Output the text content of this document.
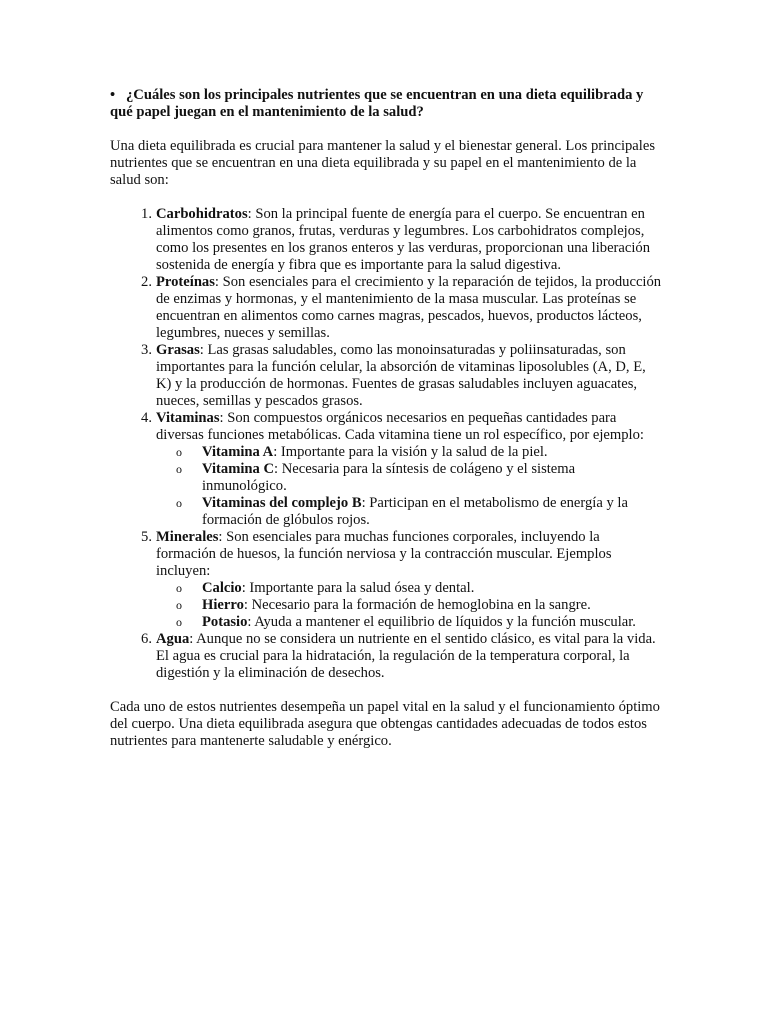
• ¿Cuáles son los principales nutrientes que se encuentran en una dieta equilibrada y qué papel juegan en el mantenimiento de la salud?

Una dieta equilibrada es crucial para mantener la salud y el bienestar general. Los principales nutrientes que se encuentran en una dieta equilibrada y su papel en el mantenimiento de la salud son:

1. Carbohidratos: Son la principal fuente de energía para el cuerpo. Se encuentran en alimentos como granos, frutas, verduras y legumbres. Los carbohidratos complejos, como los presentes en los granos enteros y las verduras, proporcionan una liberación sostenida de energía y fibra que es importante para la salud digestiva.
2. Proteínas: Son esenciales para el crecimiento y la reparación de tejidos, la producción de enzimas y hormonas, y el mantenimiento de la masa muscular. Las proteínas se encuentran en alimentos como carnes magras, pescados, huevos, productos lácteos, legumbres, nueces y semillas.
3. Grasas: Las grasas saludables, como las monoinsaturadas y poliinsaturadas, son importantes para la función celular, la absorción de vitaminas liposolubles (A, D, E, K) y la producción de hormonas. Fuentes de grasas saludables incluyen aguacates, nueces, semillas y pescados grasos.
4. Vitaminas: Son compuestos orgánicos necesarios en pequeñas cantidades para diversas funciones metabólicas. Cada vitamina tiene un rol específico, por ejemplo:
o Vitamina A: Importante para la visión y la salud de la piel.
o Vitamina C: Necesaria para la síntesis de colágeno y el sistema inmunológico.
o Vitaminas del complejo B: Participan en el metabolismo de energía y la formación de glóbulos rojos.
5. Minerales: Son esenciales para muchas funciones corporales, incluyendo la formación de huesos, la función nerviosa y la contracción muscular. Ejemplos incluyen:
o Calcio: Importante para la salud ósea y dental.
o Hierro: Necesario para la formación de hemoglobina en la sangre.
o Potasio: Ayuda a mantener el equilibrio de líquidos y la función muscular.
6. Agua: Aunque no se considera un nutriente en el sentido clásico, es vital para la vida. El agua es crucial para la hidratación, la regulación de la temperatura corporal, la digestión y la eliminación de desechos.

Cada uno de estos nutrientes desempeña un papel vital en la salud y el funcionamiento óptimo del cuerpo. Una dieta equilibrada asegura que obtengas cantidades adecuadas de todos estos nutrientes para mantenerte saludable y enérgico.
